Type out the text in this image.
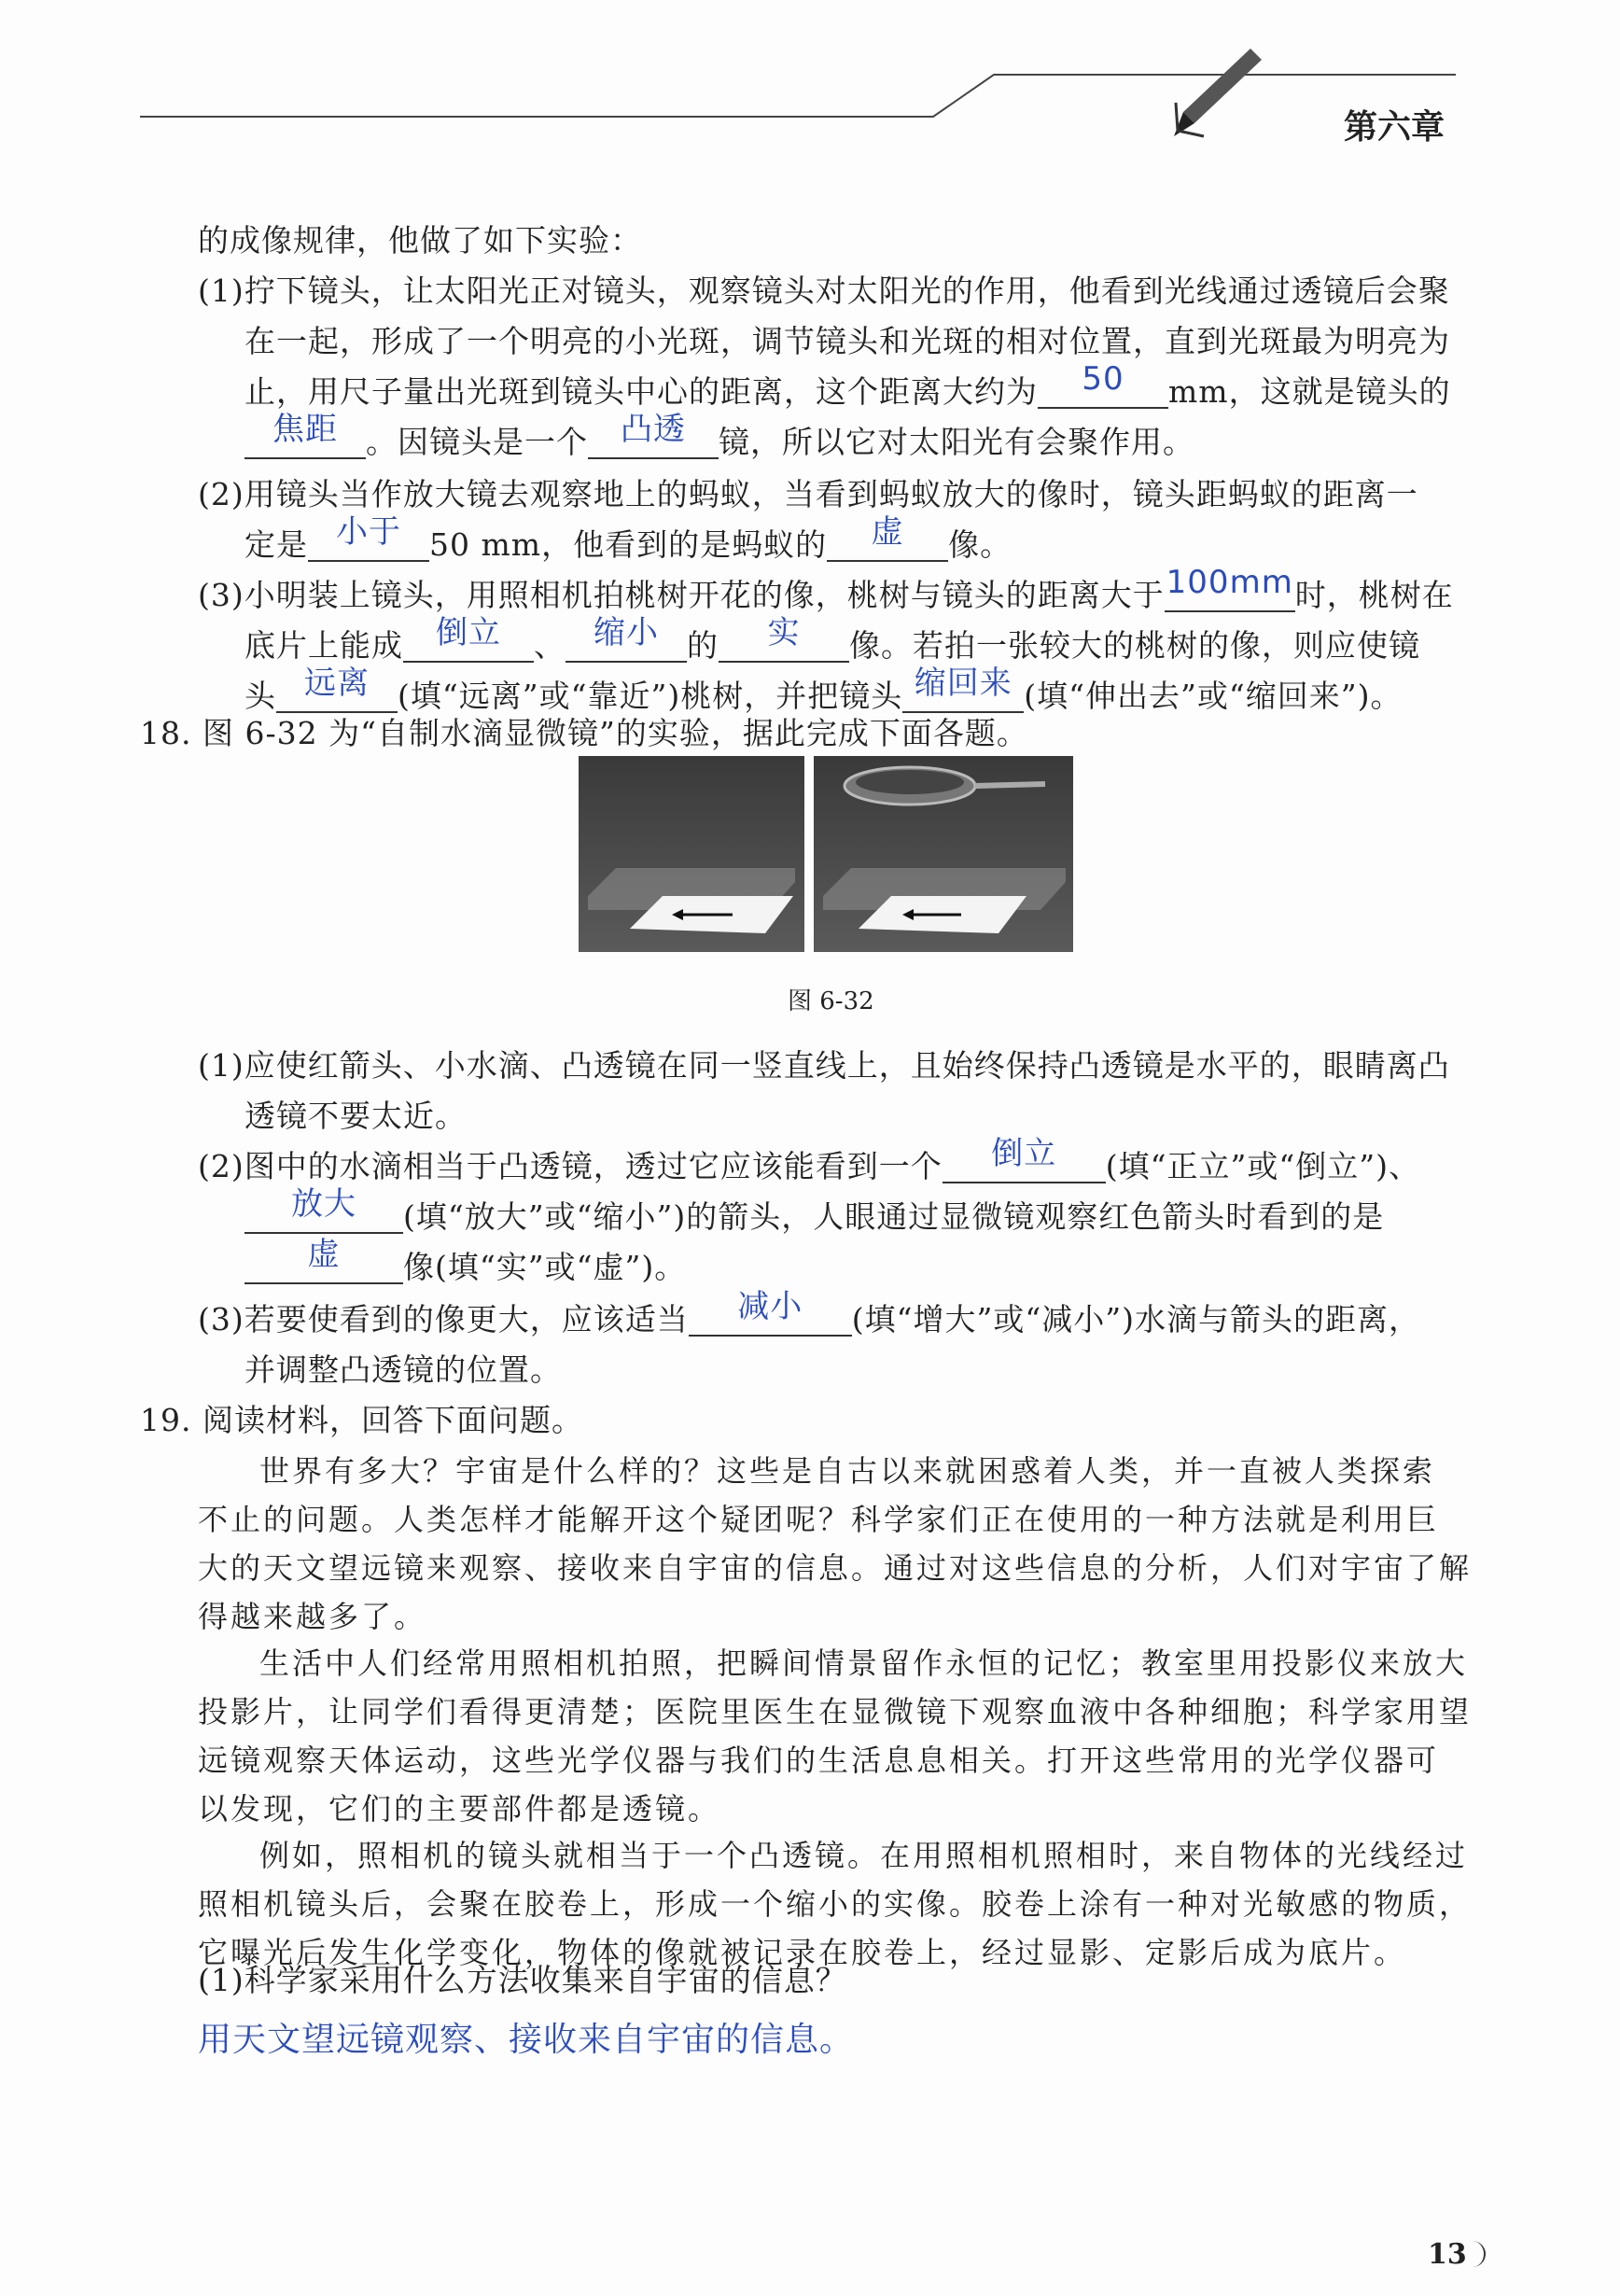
第六章
的成像规律，他做了如下实验：
(1)拧下镜头，让太阳光正对镜头，观察镜头对太阳光的作用，他看到光线通过透镜后会聚
在一起，形成了一个明亮的小光斑，调节镜头和光斑的相对位置，直到光斑最为明亮为
止，用尺子量出光斑到镜头中心的距离，这个距离大约为 50 mm，这就是镜头的
焦距 。因镜头是一个 凸透 镜，所以它对太阳光有会聚作用。
(2)用镜头当作放大镜去观察地上的蚂蚁，当看到蚂蚁放大的像时，镜头距蚂蚁的距离一
定是 小于 50 mm，他看到的是蚂蚁的 虚 像。
(3)小明装上镜头，用照相机拍桃树开花的像，桃树与镜头的距离大于100mm时，桃树在
底片上能成 倒立 、 缩小 的 实 像。若拍一张较大的桃树的像，则应使镜
头 远离 (填“远离”或“靠近”)桃树，并把镜头 缩回来 (填“伸出去”或“缩回来”)。
18. 图 6-32 为“自制水滴显微镜”的实验，据此完成下面各题。
图 6-32
(1)应使红箭头、小水滴、凸透镜在同一竖直线上，且始终保持凸透镜是水平的，眼睛离凸
透镜不要太近。
(2)图中的水滴相当于凸透镜，透过它应该能看到一个 倒立 (填“正立”或“倒立”)、
放大 (填“放大”或“缩小”)的箭头，人眼通过显微镜观察红色箭头时看到的是
虚 像(填“实”或“虚”)。
(3)若要使看到的像更大，应该适当 减小 (填“增大”或“减小”)水滴与箭头的距离，
并调整凸透镜的位置。
19. 阅读材料，回答下面问题。
世界有多大？宇宙是什么样的？这些是自古以来就困惑着人类，并一直被人类探索
不止的问题。人类怎样才能解开这个疑团呢？科学家们正在使用的一种方法就是利用巨
大的天文望远镜来观察、接收来自宇宙的信息。通过对这些信息的分析，人们对宇宙了解
得越来越多了。
生活中人们经常用照相机拍照，把瞬间情景留作永恒的记忆；教室里用投影仪来放大
投影片，让同学们看得更清楚；医院里医生在显微镜下观察血液中各种细胞；科学家用望
远镜观察天体运动，这些光学仪器与我们的生活息息相关。打开这些常用的光学仪器可
以发现，它们的主要部件都是透镜。
例如，照相机的镜头就相当于一个凸透镜。在用照相机照相时，来自物体的光线经过
照相机镜头后，会聚在胶卷上，形成一个缩小的实像。胶卷上涂有一种对光敏感的物质，
它曝光后发生化学变化，物体的像就被记录在胶卷上，经过显影、定影后成为底片。
(1)科学家采用什么方法收集来自宇宙的信息？
用天文望远镜观察、接收来自宇宙的信息。
13
